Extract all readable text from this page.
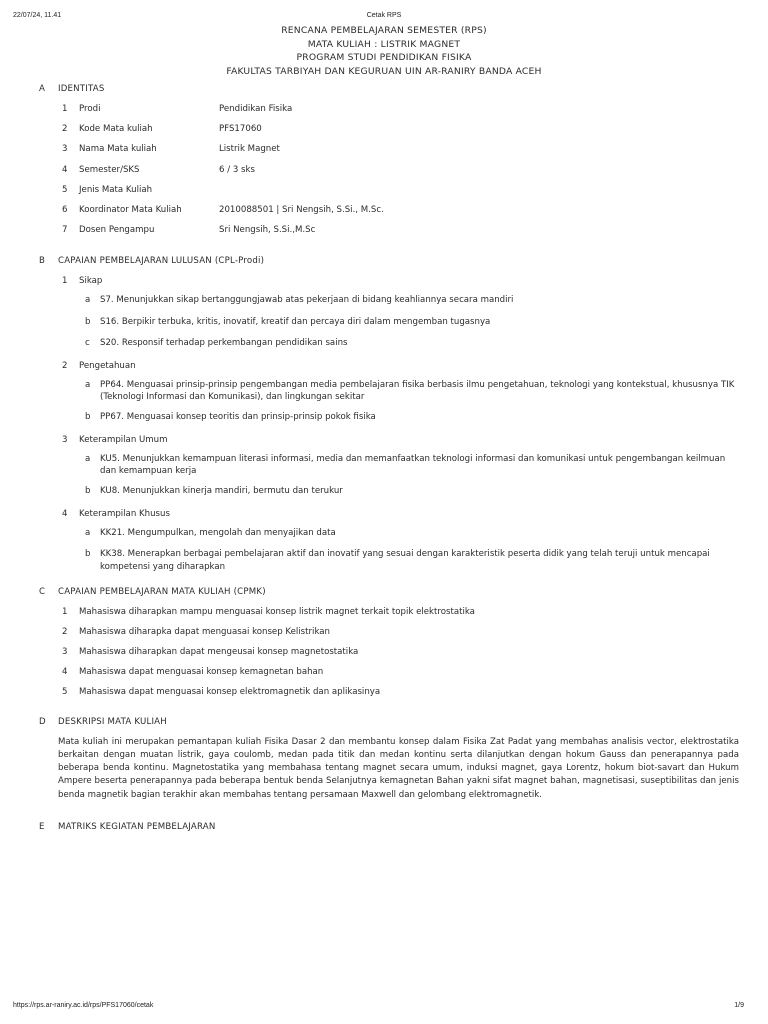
22/07/24, 11.41	Cetak RPS
RENCANA PEMBELAJARAN SEMESTER (RPS)
MATA KULIAH : LISTRIK MAGNET
PROGRAM STUDI PENDIDIKAN FISIKA
FAKULTAS TARBIYAH DAN KEGURUAN UIN AR-RANIRY BANDA ACEH
A IDENTITAS
1 Prodi	Pendidikan Fisika
2 Kode Mata kuliah	PFS17060
3 Nama Mata kuliah	Listrik Magnet
4 Semester/SKS	6 / 3 sks
5 Jenis Mata Kuliah
6 Koordinator Mata Kuliah	2010088501 | Sri Nengsih, S.Si., M.Sc.
7 Dosen Pengampu	Sri Nengsih, S.Si.,M.Sc
B CAPAIAN PEMBELAJARAN LULUSAN (CPL-Prodi)
1 Sikap
a S7. Menunjukkan sikap bertanggungjawab atas pekerjaan di bidang keahliannya secara mandiri
b S16. Berpikir terbuka, kritis, inovatif, kreatif dan percaya diri dalam mengemban tugasnya
c S20. Responsif terhadap perkembangan pendidikan sains
2 Pengetahuan
a PP64. Menguasai prinsip-prinsip pengembangan media pembelajaran fisika berbasis ilmu pengetahuan, teknologi yang kontekstual, khususnya TIK (Teknologi Informasi dan Komunikasi), dan lingkungan sekitar
b PP67. Menguasai konsep teoritis dan prinsip-prinsip pokok fisika
3 Keterampilan Umum
a KU5. Menunjukkan kemampuan literasi informasi, media dan memanfaatkan teknologi informasi dan komunikasi untuk pengembangan keilmuan dan kemampuan kerja
b KU8. Menunjukkan kinerja mandiri, bermutu dan terukur
4 Keterampilan Khusus
a KK21. Mengumpulkan, mengolah dan menyajikan data
b KK38. Menerapkan berbagai pembelajaran aktif dan inovatif yang sesuai dengan karakteristik peserta didik yang telah teruji untuk mencapai kompetensi yang diharapkan
C CAPAIAN PEMBELAJARAN MATA KULIAH (CPMK)
1 Mahasiswa diharapkan mampu menguasai konsep listrik magnet terkait topik elektrostatika
2 Mahasiswa diharapka dapat menguasai konsep Kelistrikan
3 Mahasiswa diharapkan dapat mengeusai konsep magnetostatika
4 Mahasiswa dapat menguasai konsep kemagnetan bahan
5 Mahasiswa dapat menguasai konsep elektromagnetik dan aplikasinya
D DESKRIPSI MATA KULIAH
Mata kuliah ini merupakan pemantapan kuliah Fisika Dasar 2 dan membantu konsep dalam Fisika Zat Padat yang membahas analisis vector, elektrostatika berkaitan dengan muatan listrik, gaya coulomb, medan pada titik dan medan kontinu serta dilanjutkan dengan hokum Gauss dan penerapannya pada beberapa benda kontinu. Magnetostatika yang membahasa tentang magnet secara umum, induksi magnet, gaya Lorentz, hokum biot-savart dan Hukum Ampere beserta penerapannya pada beberapa bentuk benda Selanjutnya kemagnetan Bahan yakni sifat magnet bahan, magnetisasi, suseptibilitas dan jenis benda magnetik bagian terakhir akan membahas tentang persamaan Maxwell dan gelombang elektromagnetik.
E MATRIKS KEGIATAN PEMBELAJARAN
https://rps.ar-raniry.ac.id/rps/PFS17060/cetak	1/9
